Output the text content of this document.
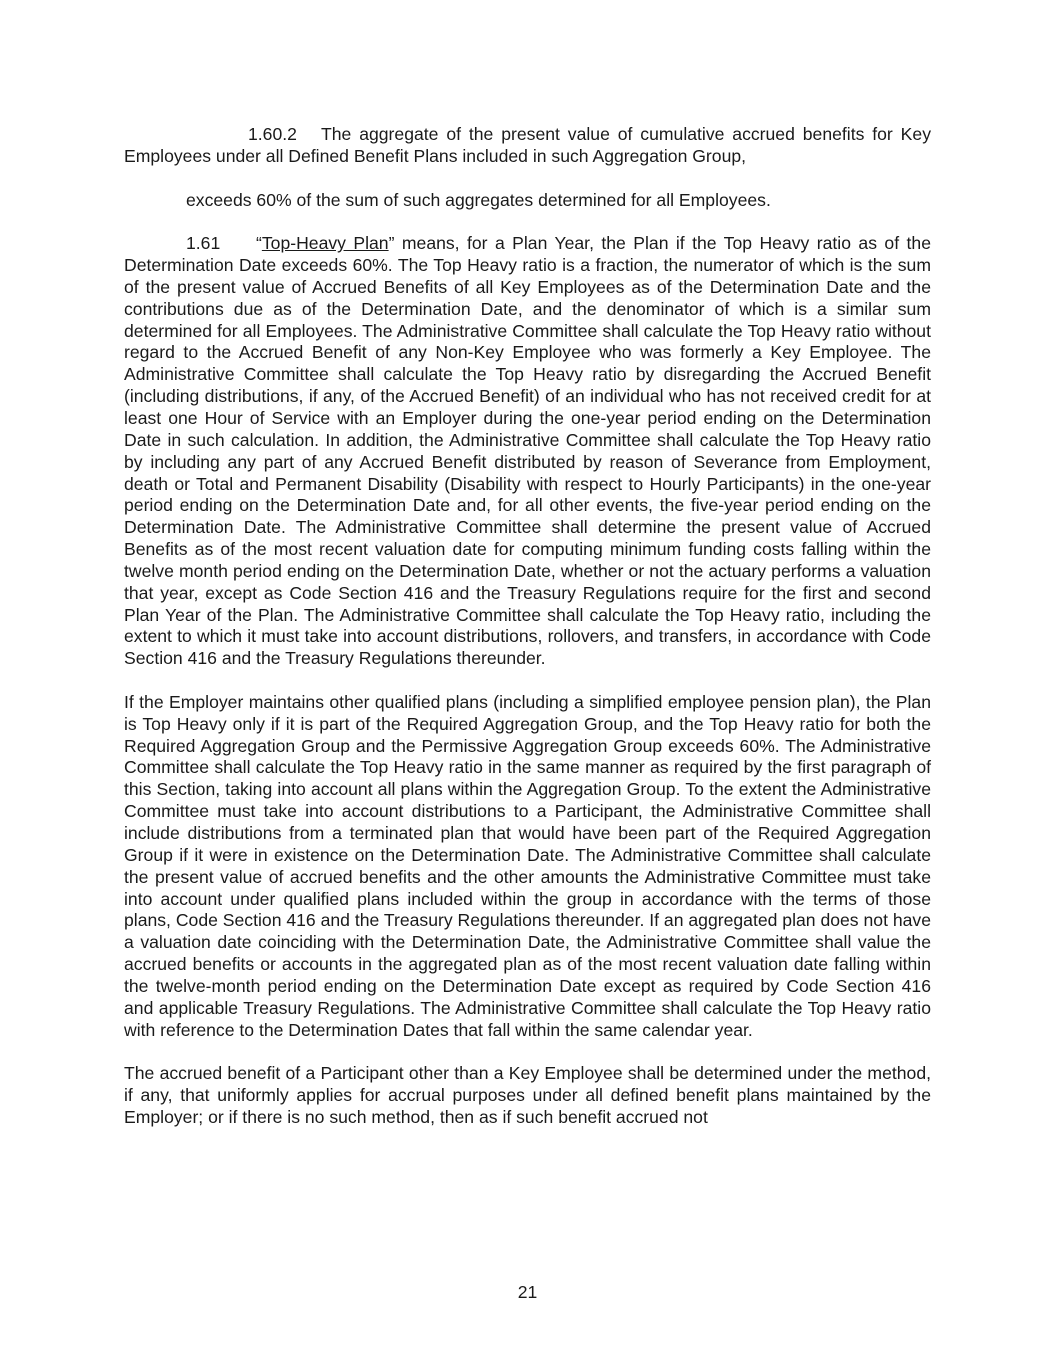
1.60.2 The aggregate of the present value of cumulative accrued benefits for Key Employees under all Defined Benefit Plans included in such Aggregation Group,

exceeds 60% of the sum of such aggregates determined for all Employees.

1.61 “Top-Heavy Plan” means, for a Plan Year, the Plan if the Top Heavy ratio as of the Determination Date exceeds 60%. The Top Heavy ratio is a fraction, the numerator of which is the sum of the present value of Accrued Benefits of all Key Employees as of the Determination Date and the contributions due as of the Determination Date, and the denominator of which is a similar sum determined for all Employees. The Administrative Committee shall calculate the Top Heavy ratio without regard to the Accrued Benefit of any Non-Key Employee who was formerly a Key Employee. The Administrative Committee shall calculate the Top Heavy ratio by disregarding the Accrued Benefit (including distributions, if any, of the Accrued Benefit) of an individual who has not received credit for at least one Hour of Service with an Employer during the one-year period ending on the Determination Date in such calculation. In addition, the Administrative Committee shall calculate the Top Heavy ratio by including any part of any Accrued Benefit distributed by reason of Severance from Employment, death or Total and Permanent Disability (Disability with respect to Hourly Participants) in the one-year period ending on the Determination Date and, for all other events, the five-year period ending on the Determination Date. The Administrative Committee shall determine the present value of Accrued Benefits as of the most recent valuation date for computing minimum funding costs falling within the twelve month period ending on the Determination Date, whether or not the actuary performs a valuation that year, except as Code Section 416 and the Treasury Regulations require for the first and second Plan Year of the Plan. The Administrative Committee shall calculate the Top Heavy ratio, including the extent to which it must take into account distributions, rollovers, and transfers, in accordance with Code Section 416 and the Treasury Regulations thereunder.

If the Employer maintains other qualified plans (including a simplified employee pension plan), the Plan is Top Heavy only if it is part of the Required Aggregation Group, and the Top Heavy ratio for both the Required Aggregation Group and the Permissive Aggregation Group exceeds 60%. The Administrative Committee shall calculate the Top Heavy ratio in the same manner as required by the first paragraph of this Section, taking into account all plans within the Aggregation Group. To the extent the Administrative Committee must take into account distributions to a Participant, the Administrative Committee shall include distributions from a terminated plan that would have been part of the Required Aggregation Group if it were in existence on the Determination Date. The Administrative Committee shall calculate the present value of accrued benefits and the other amounts the Administrative Committee must take into account under qualified plans included within the group in accordance with the terms of those plans, Code Section 416 and the Treasury Regulations thereunder. If an aggregated plan does not have a valuation date coinciding with the Determination Date, the Administrative Committee shall value the accrued benefits or accounts in the aggregated plan as of the most recent valuation date falling within the twelve-month period ending on the Determination Date except as required by Code Section 416 and applicable Treasury Regulations. The Administrative Committee shall calculate the Top Heavy ratio with reference to the Determination Dates that fall within the same calendar year.

The accrued benefit of a Participant other than a Key Employee shall be determined under the method, if any, that uniformly applies for accrual purposes under all defined benefit plans maintained by the Employer; or if there is no such method, then as if such benefit accrued not

21
